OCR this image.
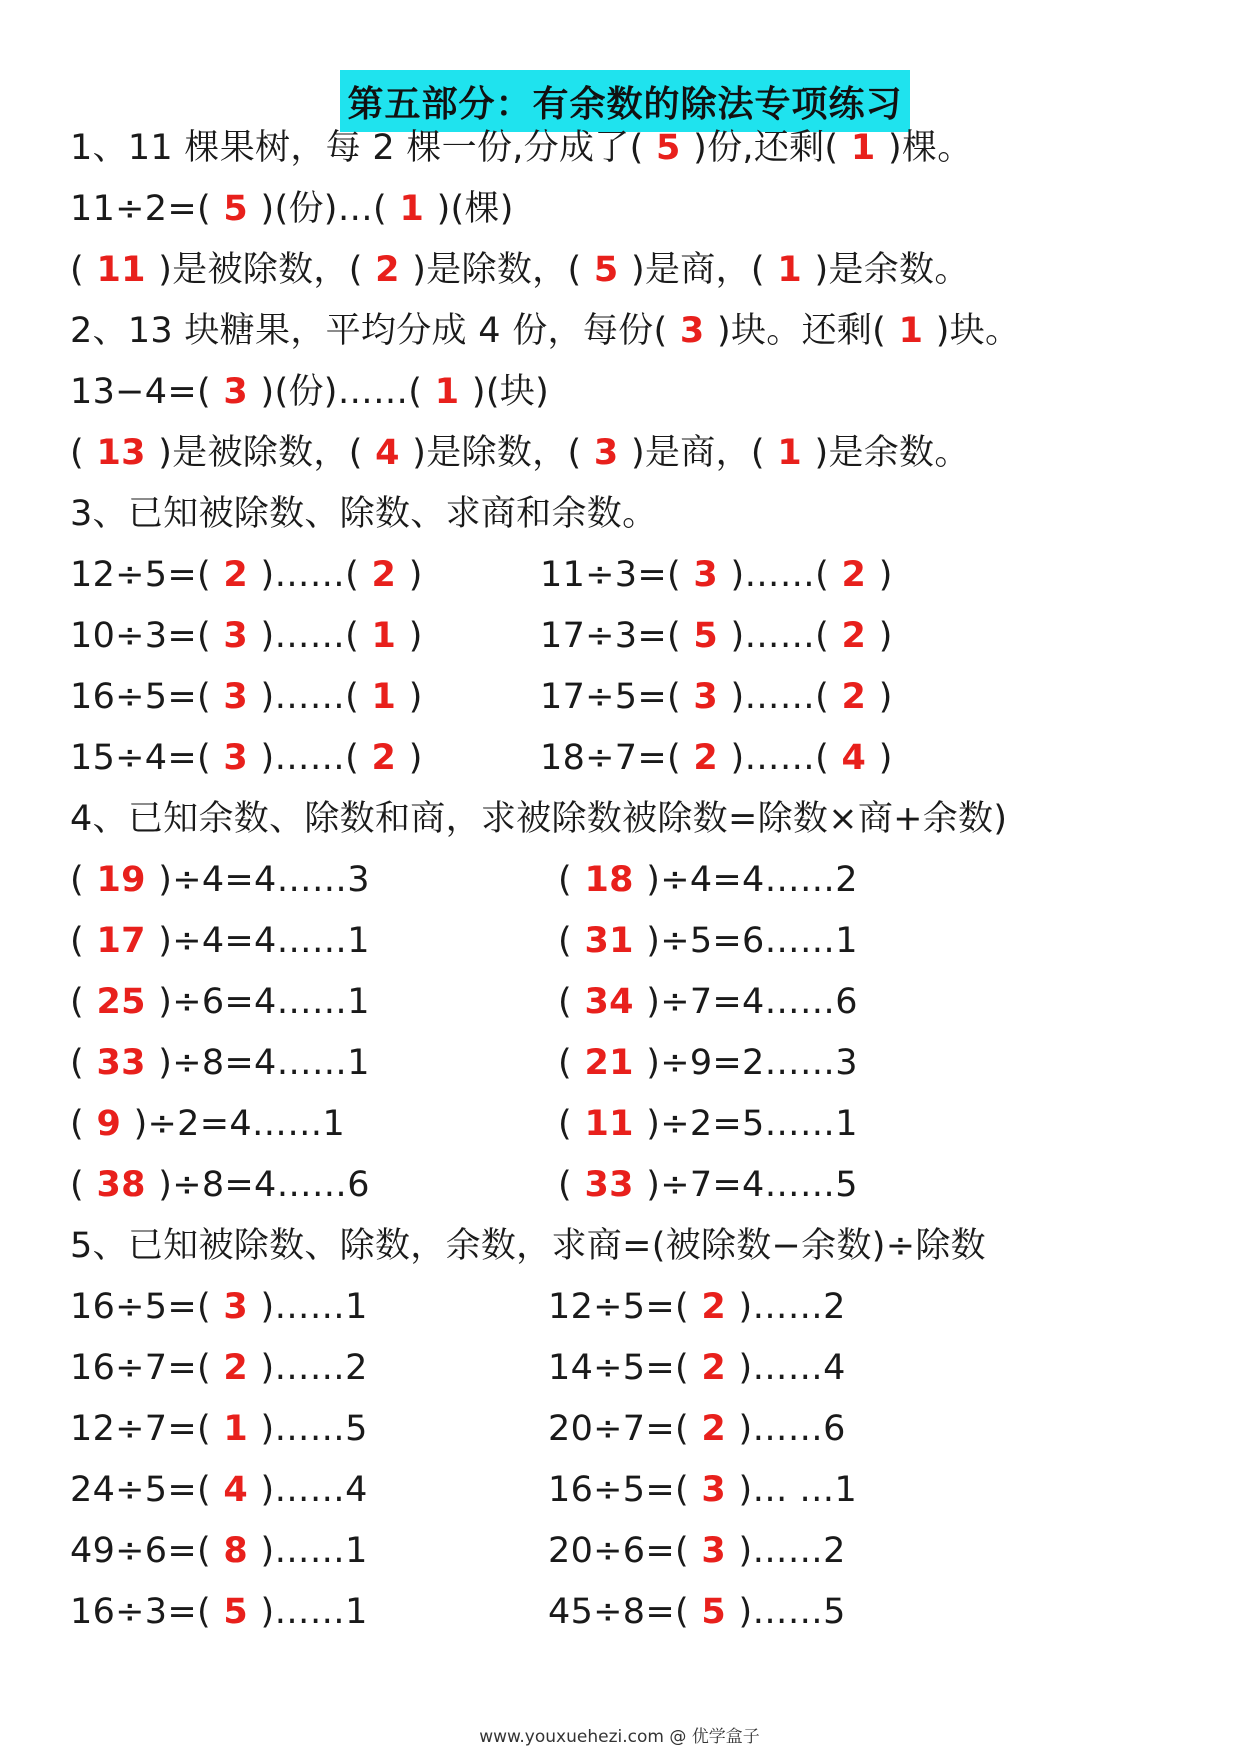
第五部分：有余数的除法专项练习
1、11 棵果树，每 2 棵一份,分成了( 5 )份,还剩( 1 )棵。
11÷2=( 5 )(份)…( 1 )(棵)
( 11 )是被除数，( 2 )是除数，( 5 )是商，( 1 )是余数。
2、13 块糖果，平均分成 4 份，每份( 3 )块。还剩( 1 )块。
13−4=( 3 )(份)……( 1 )(块)
( 13 )是被除数，( 4 )是除数，( 3 )是商，( 1 )是余数。
3、已知被除数、除数、求商和余数。
12÷5=( 2 )……( 2 )
10÷3=( 3 )……( 1 )
16÷5=( 3 )……( 1 )
15÷4=( 3 )……( 2 )
11÷3=( 3 )……( 2 )
17÷3=( 5 )……( 2 )
17÷5=( 3 )……( 2 )
18÷7=( 2 )……( 4 )
4、已知余数、除数和商，求被除数被除数=除数×商+余数)
( 19 )÷4=4……3
( 17 )÷4=4……1
( 25 )÷6=4……1
( 33 )÷8=4……1
( 9 )÷2=4……1
( 38 )÷8=4……6
( 18 )÷4=4……2
( 31 )÷5=6……1
( 34 )÷7=4……6
( 21 )÷9=2……3
( 11 )÷2=5……1
( 33 )÷7=4……5
5、已知被除数、除数，余数，求商=(被除数−余数)÷除数
16÷5=( 3 )……1
16÷7=( 2 )……2
12÷7=( 1 )……5
24÷5=( 4 )……4
49÷6=( 8 )……1
16÷3=( 5 )……1
12÷5=( 2 )……2
14÷5=( 2 )……4
20÷7=( 2 )……6
16÷5=( 3 )… …1
20÷6=( 3 )……2
45÷8=( 5 )……5
www.youxuehezi.com @ 优学盒子
